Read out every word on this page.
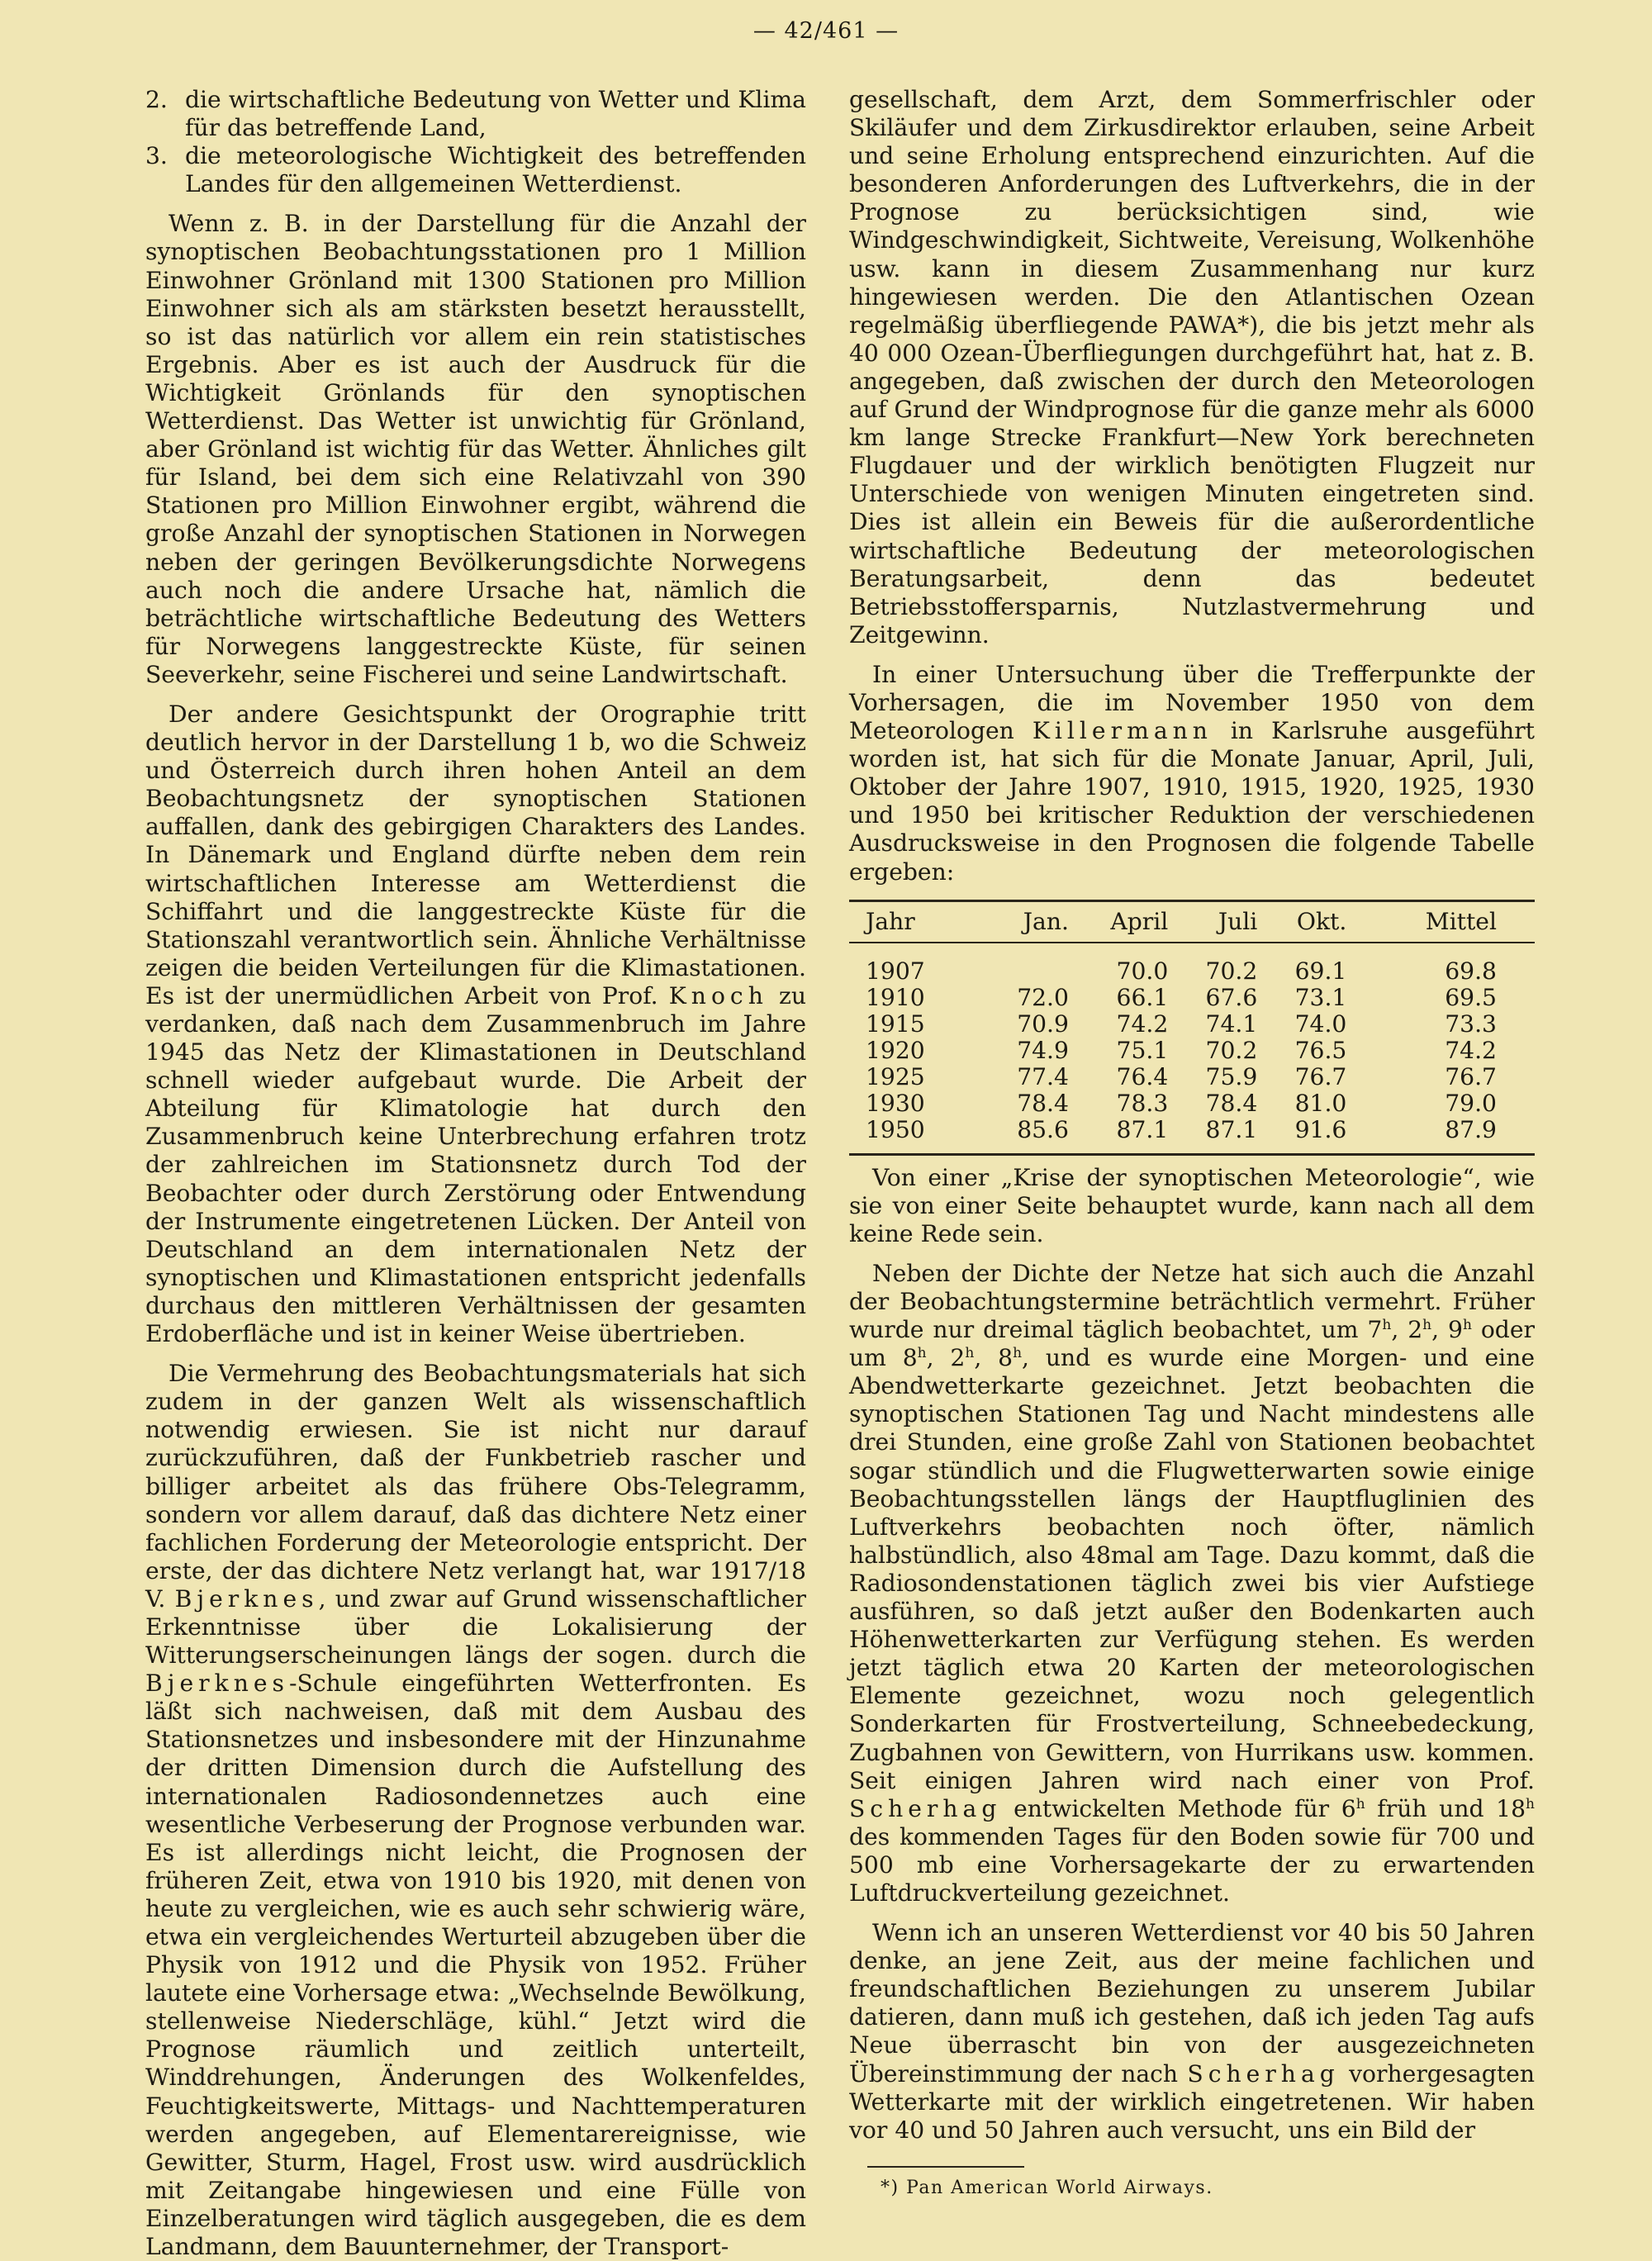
— 42/461 —
2. die wirtschaftliche Bedeutung von Wetter und Klima für das betreffende Land,
3. die meteorologische Wichtigkeit des betreffenden Landes für den allgemeinen Wetterdienst.

Wenn z. B. in der Darstellung für die Anzahl der synoptischen Beobachtungsstationen pro 1 Million Einwohner Grönland mit 1300 Stationen pro Million Einwohner sich als am stärksten besetzt herausstellt, so ist das natürlich vor allem ein rein statistisches Ergebnis. Aber es ist auch der Ausdruck für die Wichtigkeit Grönlands für den synoptischen Wetterdienst. Das Wetter ist unwichtig für Grönland, aber Grönland ist wichtig für das Wetter. Ähnliches gilt für Island, bei dem sich eine Relativzahl von 390 Stationen pro Million Einwohner ergibt, während die große Anzahl der synoptischen Stationen in Norwegen neben der geringen Bevölkerungsdichte Norwegens auch noch die andere Ursache hat, nämlich die beträchtliche wirtschaftliche Bedeutung des Wetters für Norwegens langgestreckte Küste, für seinen Seeverkehr, seine Fischerei und seine Landwirtschaft.

Der andere Gesichtspunkt der Orographie tritt deutlich hervor in der Darstellung 1 b, wo die Schweiz und Österreich durch ihren hohen Anteil an dem Beobachtungsnetz der synoptischen Stationen auffallen, dank des gebirgigen Charakters des Landes. In Dänemark und England dürfte neben dem rein wirtschaftlichen Interesse am Wetterdienst die Schiffahrt und die langgestreckte Küste für die Stationszahl verantwortlich sein. Ähnliche Verhältnisse zeigen die beiden Verteilungen für die Klimastationen. Es ist der unermüdlichen Arbeit von Prof. Knoch zu verdanken, daß nach dem Zusammenbruch im Jahre 1945 das Netz der Klimastationen in Deutschland schnell wieder aufgebaut wurde. Die Arbeit der Abteilung für Klimatologie hat durch den Zusammenbruch keine Unterbrechung erfahren trotz der zahlreichen im Stationsnetz durch Tod der Beobachter oder durch Zerstörung oder Entwendung der Instrumente eingetretenen Lücken. Der Anteil von Deutschland an dem internationalen Netz der synoptischen und Klimastationen entspricht jedenfalls durchaus den mittleren Verhältnissen der gesamten Erdoberfläche und ist in keiner Weise übertrieben.

Die Vermehrung des Beobachtungsmaterials hat sich zudem in der ganzen Welt als wissenschaftlich notwendig erwiesen. Sie ist nicht nur darauf zurückzuführen, daß der Funkbetrieb rascher und billiger arbeitet als das frühere Obs-Telegramm, sondern vor allem darauf, daß das dichtere Netz einer fachlichen Forderung der Meteorologie entspricht. Der erste, der das dichtere Netz verlangt hat, war 1917/18 V. Bjerknes, und zwar auf Grund wissenschaftlicher Erkenntnisse über die Lokalisierung der Witterungserscheinungen längs der sogen. durch die Bjerknes-Schule eingeführten Wetterfronten. Es läßt sich nachweisen, daß mit dem Ausbau des Stationsnetzes und insbesondere mit der Hinzunahme der dritten Dimension durch die Aufstellung des internationalen Radiosondennetzes auch eine wesentliche Verbeserung der Prognose verbunden war. Es ist allerdings nicht leicht, die Prognosen der früheren Zeit, etwa von 1910 bis 1920, mit denen von heute zu vergleichen, wie es auch sehr schwierig wäre, etwa ein vergleichendes Werturteil abzugeben über die Physik von 1912 und die Physik von 1952. Früher lautete eine Vorhersage etwa: „Wechselnde Bewölkung, stellenweise Niederschläge, kühl.“ Jetzt wird die Prognose räumlich und zeitlich unterteilt, Winddrehungen, Änderungen des Wolkenfeldes, Feuchtigkeitswerte, Mittags- und Nachttemperaturen werden angegeben, auf Elementarereignisse, wie Gewitter, Sturm, Hagel, Frost usw. wird ausdrücklich mit Zeitangabe hingewiesen und eine Fülle von Einzelberatungen wird täglich ausgegeben, die es dem Landmann, dem Bauunternehmer, der Transport-

gesellschaft, dem Arzt, dem Sommerfrischler oder Skiläufer und dem Zirkusdirektor erlauben, seine Arbeit und seine Erholung entsprechend einzurichten. Auf die besonderen Anforderungen des Luftverkehrs, die in der Prognose zu berücksichtigen sind, wie Windgeschwindigkeit, Sichtweite, Vereisung, Wolkenhöhe usw. kann in diesem Zusammenhang nur kurz hingewiesen werden. Die den Atlantischen Ozean regelmäßig überfliegende PAWA*), die bis jetzt mehr als 40 000 Ozean-Überfliegungen durchgeführt hat, hat z. B. angegeben, daß zwischen der durch den Meteorologen auf Grund der Windprognose für die ganze mehr als 6000 km lange Strecke Frankfurt—New York berechneten Flugdauer und der wirklich benötigten Flugzeit nur Unterschiede von wenigen Minuten eingetreten sind. Dies ist allein ein Beweis für die außerordentliche wirtschaftliche Bedeutung der meteorologischen Beratungsarbeit, denn das bedeutet Betriebsstoffersparnis, Nutzlastvermehrung und Zeitgewinn.

In einer Untersuchung über die Trefferpunkte der Vorhersagen, die im November 1950 von dem Meteorologen Killermann in Karlsruhe ausgeführt worden ist, hat sich für die Monate Januar, April, Juli, Oktober der Jahre 1907, 1910, 1915, 1920, 1925, 1930 und 1950 bei kritischer Reduktion der verschiedenen Ausdrucksweise in den Prognosen die folgende Tabelle ergeben:

Jahr	Jan.	April	Juli	Okt.	Mittel
1907		70.0	70.2	69.1	69.8
1910	72.0	66.1	67.6	73.1	69.5
1915	70.9	74.2	74.1	74.0	73.3
1920	74.9	75.1	70.2	76.5	74.2
1925	77.4	76.4	75.9	76.7	76.7
1930	78.4	78.3	78.4	81.0	79.0
1950	85.6	87.1	87.1	91.6	87.9

Von einer „Krise der synoptischen Meteorologie“, wie sie von einer Seite behauptet wurde, kann nach all dem keine Rede sein.

Neben der Dichte der Netze hat sich auch die Anzahl der Beobachtungstermine beträchtlich vermehrt. Früher wurde nur dreimal täglich beobachtet, um 7$^h$, 2$^h$, 9$^h$ oder um 8$^h$, 2$^h$, 8$^h$, und es wurde eine Morgen- und eine Abendwetterkarte gezeichnet. Jetzt beobachten die synoptischen Stationen Tag und Nacht mindestens alle drei Stunden, eine große Zahl von Stationen beobachtet sogar stündlich und die Flugwetterwarten sowie einige Beobachtungsstellen längs der Hauptfluglinien des Luftverkehrs beobachten noch öfter, nämlich halbstündlich, also 48mal am Tage. Dazu kommt, daß die Radiosondenstationen täglich zwei bis vier Aufstiege ausführen, so daß jetzt außer den Bodenkarten auch Höhenwetterkarten zur Verfügung stehen. Es werden jetzt täglich etwa 20 Karten der meteorologischen Elemente gezeichnet, wozu noch gelegentlich Sonderkarten für Frostverteilung, Schneebedeckung, Zugbahnen von Gewittern, von Hurrikans usw. kommen. Seit einigen Jahren wird nach einer von Prof. Scherhag entwickelten Methode für 6$^h$ früh und 18$^h$ des kommenden Tages für den Boden sowie für 700 und 500 mb eine Vorhersagekarte der zu erwartenden Luftdruckverteilung gezeichnet.

Wenn ich an unseren Wetterdienst vor 40 bis 50 Jahren denke, an jene Zeit, aus der meine fachlichen und freundschaftlichen Beziehungen zu unserem Jubilar datieren, dann muß ich gestehen, daß ich jeden Tag aufs Neue überrascht bin von der ausgezeichneten Übereinstimmung der nach Scherhag vorhergesagten Wetterkarte mit der wirklich eingetretenen. Wir haben vor 40 und 50 Jahren auch versucht, uns ein Bild der

*) Pan American World Airways.
